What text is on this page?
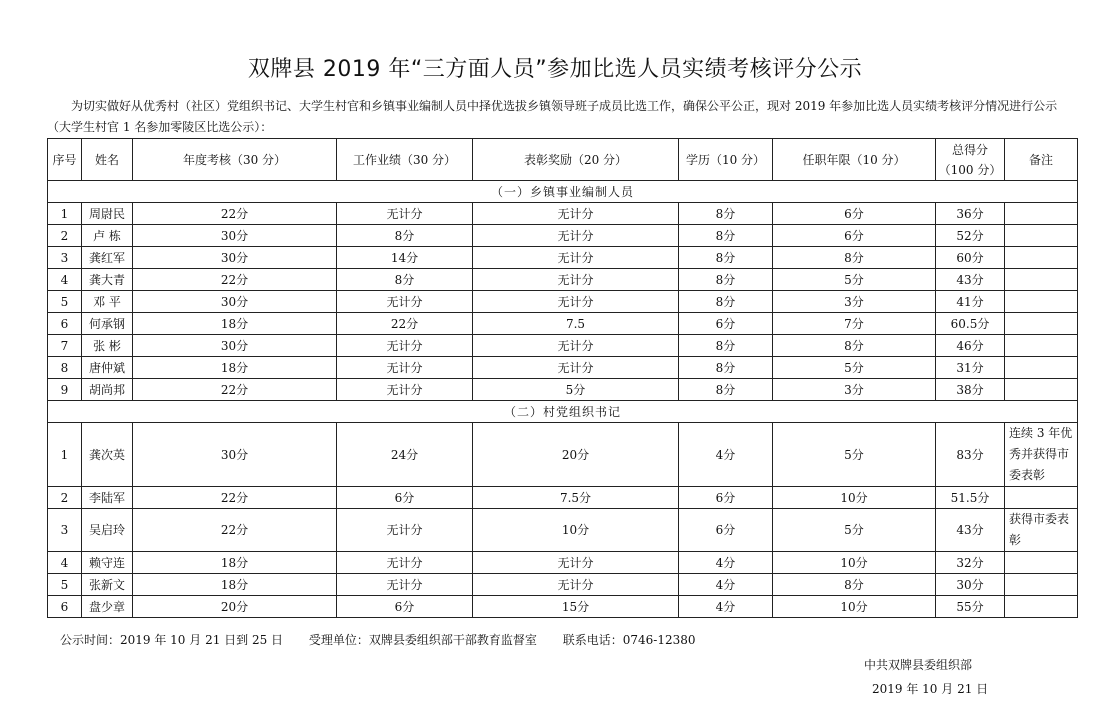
双牌县 2019 年“三方面人员”参加比选人员实绩考核评分公示
为切实做好从优秀村（社区）党组织书记、大学生村官和乡镇事业编制人员中择优选拔乡镇领导班子成员比选工作，确保公平公正，现对 2019 年参加比选人员实绩考核评分情况进行公示（大学生村官 1 名参加零陵区比选公示）：
序号	姓名	年度考核（30 分）	工作业绩（30 分）	表彰奖励（20 分）	学历（10 分）	任职年限（10 分）	总得分（100 分）	备注
（一）乡镇事业编制人员								
1	周尉民	22分	无计分	无计分	8分	6分	36分	
2	卢 栋	30分	8分	无计分	8分	6分	52分	
3	龚红军	30分	14分	无计分	8分	8分	60分	
4	龚大青	22分	8分	无计分	8分	5分	43分	
5	邓 平	30分	无计分	无计分	8分	3分	41分	
6	何承钢	18分	22分	7.5	6分	7分	60.5分	
7	张 彬	30分	无计分	无计分	8分	8分	46分	
8	唐仲斌	18分	无计分	无计分	8分	5分	31分	
9	胡尚邦	22分	无计分	5分	8分	3分	38分	
（二）村党组织书记								
1	龚次英	30分	24分	20分	4分	5分	83分	连续 3 年优秀并获得市委表彰
2	李陆军	22分	6分	7.5分	6分	10分	51.5分	
3	吴启玲	22分	无计分	10分	6分	5分	43分	获得市委表彰
4	赖守连	18分	无计分	无计分	4分	10分	32分	
5	张新文	18分	无计分	无计分	4分	8分	30分	
6	盘少章	20分	6分	15分	4分	10分	55分	
公示时间：2019 年 10 月 21 日到 25 日 受理单位：双牌县委组织部干部教育监督室 联系电话：0746-12380
中共双牌县委组织部
2019 年 10 月 21 日
